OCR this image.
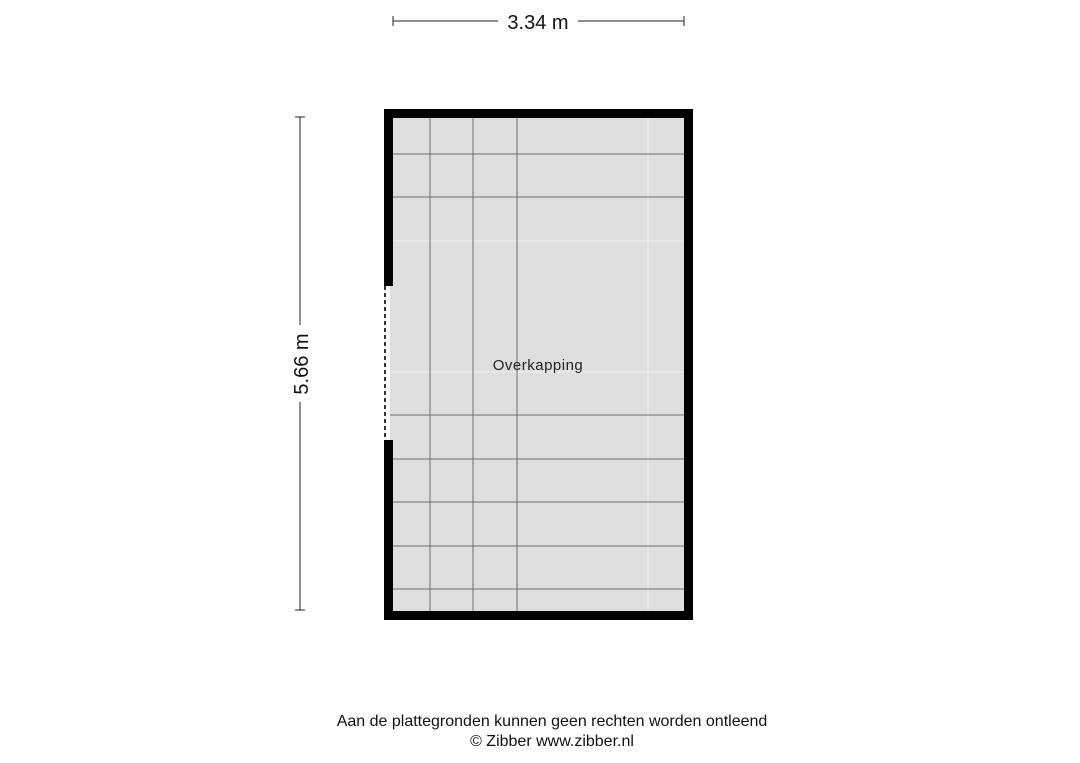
3.34 m
5.66 m	Overkapping
Aan de plattegronden kunnen geen rechten worden ontleend
© Zibber www.zibber.nl
